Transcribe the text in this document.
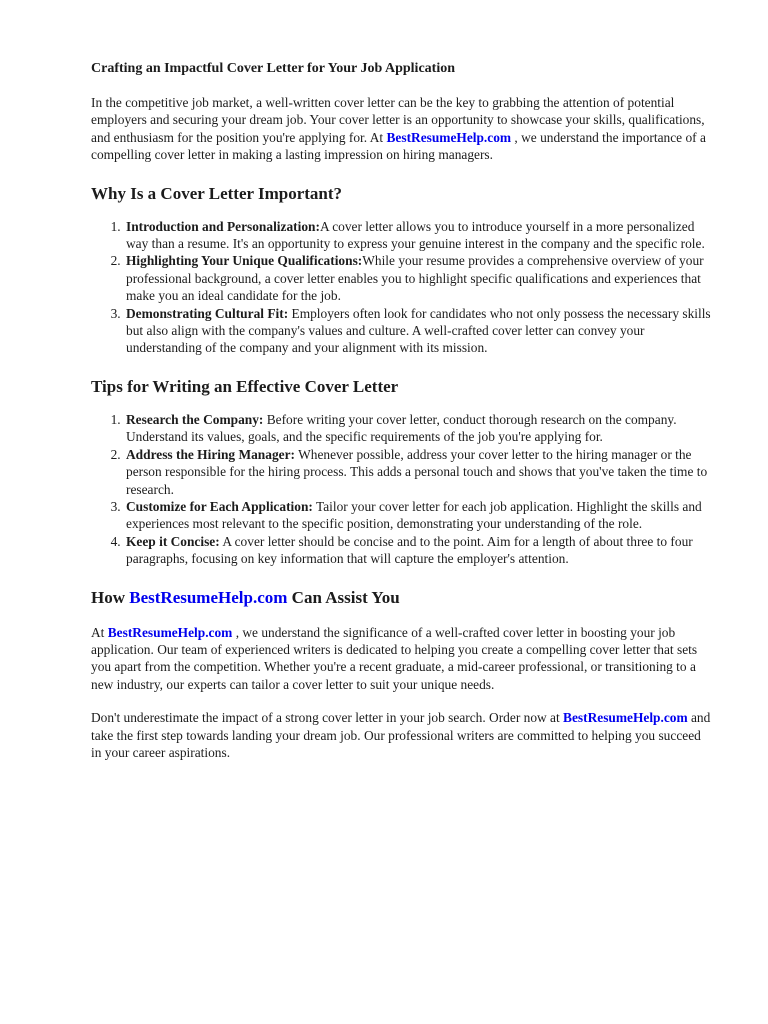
Crafting an Impactful Cover Letter for Your Job Application

In the competitive job market, a well-written cover letter can be the key to grabbing the attention of potential employers and securing your dream job. Your cover letter is an opportunity to showcase your skills, qualifications, and enthusiasm for the position you're applying for. At BestResumeHelp.com , we understand the importance of a compelling cover letter in making a lasting impression on hiring managers.

Why Is a Cover Letter Important?
1. Introduction and Personalization:A cover letter allows you to introduce yourself in a more personalized way than a resume. It's an opportunity to express your genuine interest in the company and the specific role.
2. Highlighting Your Unique Qualifications:While your resume provides a comprehensive overview of your professional background, a cover letter enables you to highlight specific qualifications and experiences that make you an ideal candidate for the job.
3. Demonstrating Cultural Fit: Employers often look for candidates who not only possess the necessary skills but also align with the company's values and culture. A well-crafted cover letter can convey your understanding of the company and your alignment with its mission.
Tips for Writing an Effective Cover Letter
1. Research the Company: Before writing your cover letter, conduct thorough research on the company. Understand its values, goals, and the specific requirements of the job you're applying for.
2. Address the Hiring Manager: Whenever possible, address your cover letter to the hiring manager or the person responsible for the hiring process. This adds a personal touch and shows that you've taken the time to research.
3. Customize for Each Application: Tailor your cover letter for each job application. Highlight the skills and experiences most relevant to the specific position, demonstrating your understanding of the role.
4. Keep it Concise: A cover letter should be concise and to the point. Aim for a length of about three to four paragraphs, focusing on key information that will capture the employer's attention.
How BestResumeHelp.com Can Assist You

At BestResumeHelp.com , we understand the significance of a well-crafted cover letter in boosting your job application. Our team of experienced writers is dedicated to helping you create a compelling cover letter that sets you apart from the competition. Whether you're a recent graduate, a mid-career professional, or transitioning to a new industry, our experts can tailor a cover letter to suit your unique needs.

Don't underestimate the impact of a strong cover letter in your job search. Order now at BestResumeHelp.com and take the first step towards landing your dream job. Our professional writers are committed to helping you succeed in your career aspirations.
